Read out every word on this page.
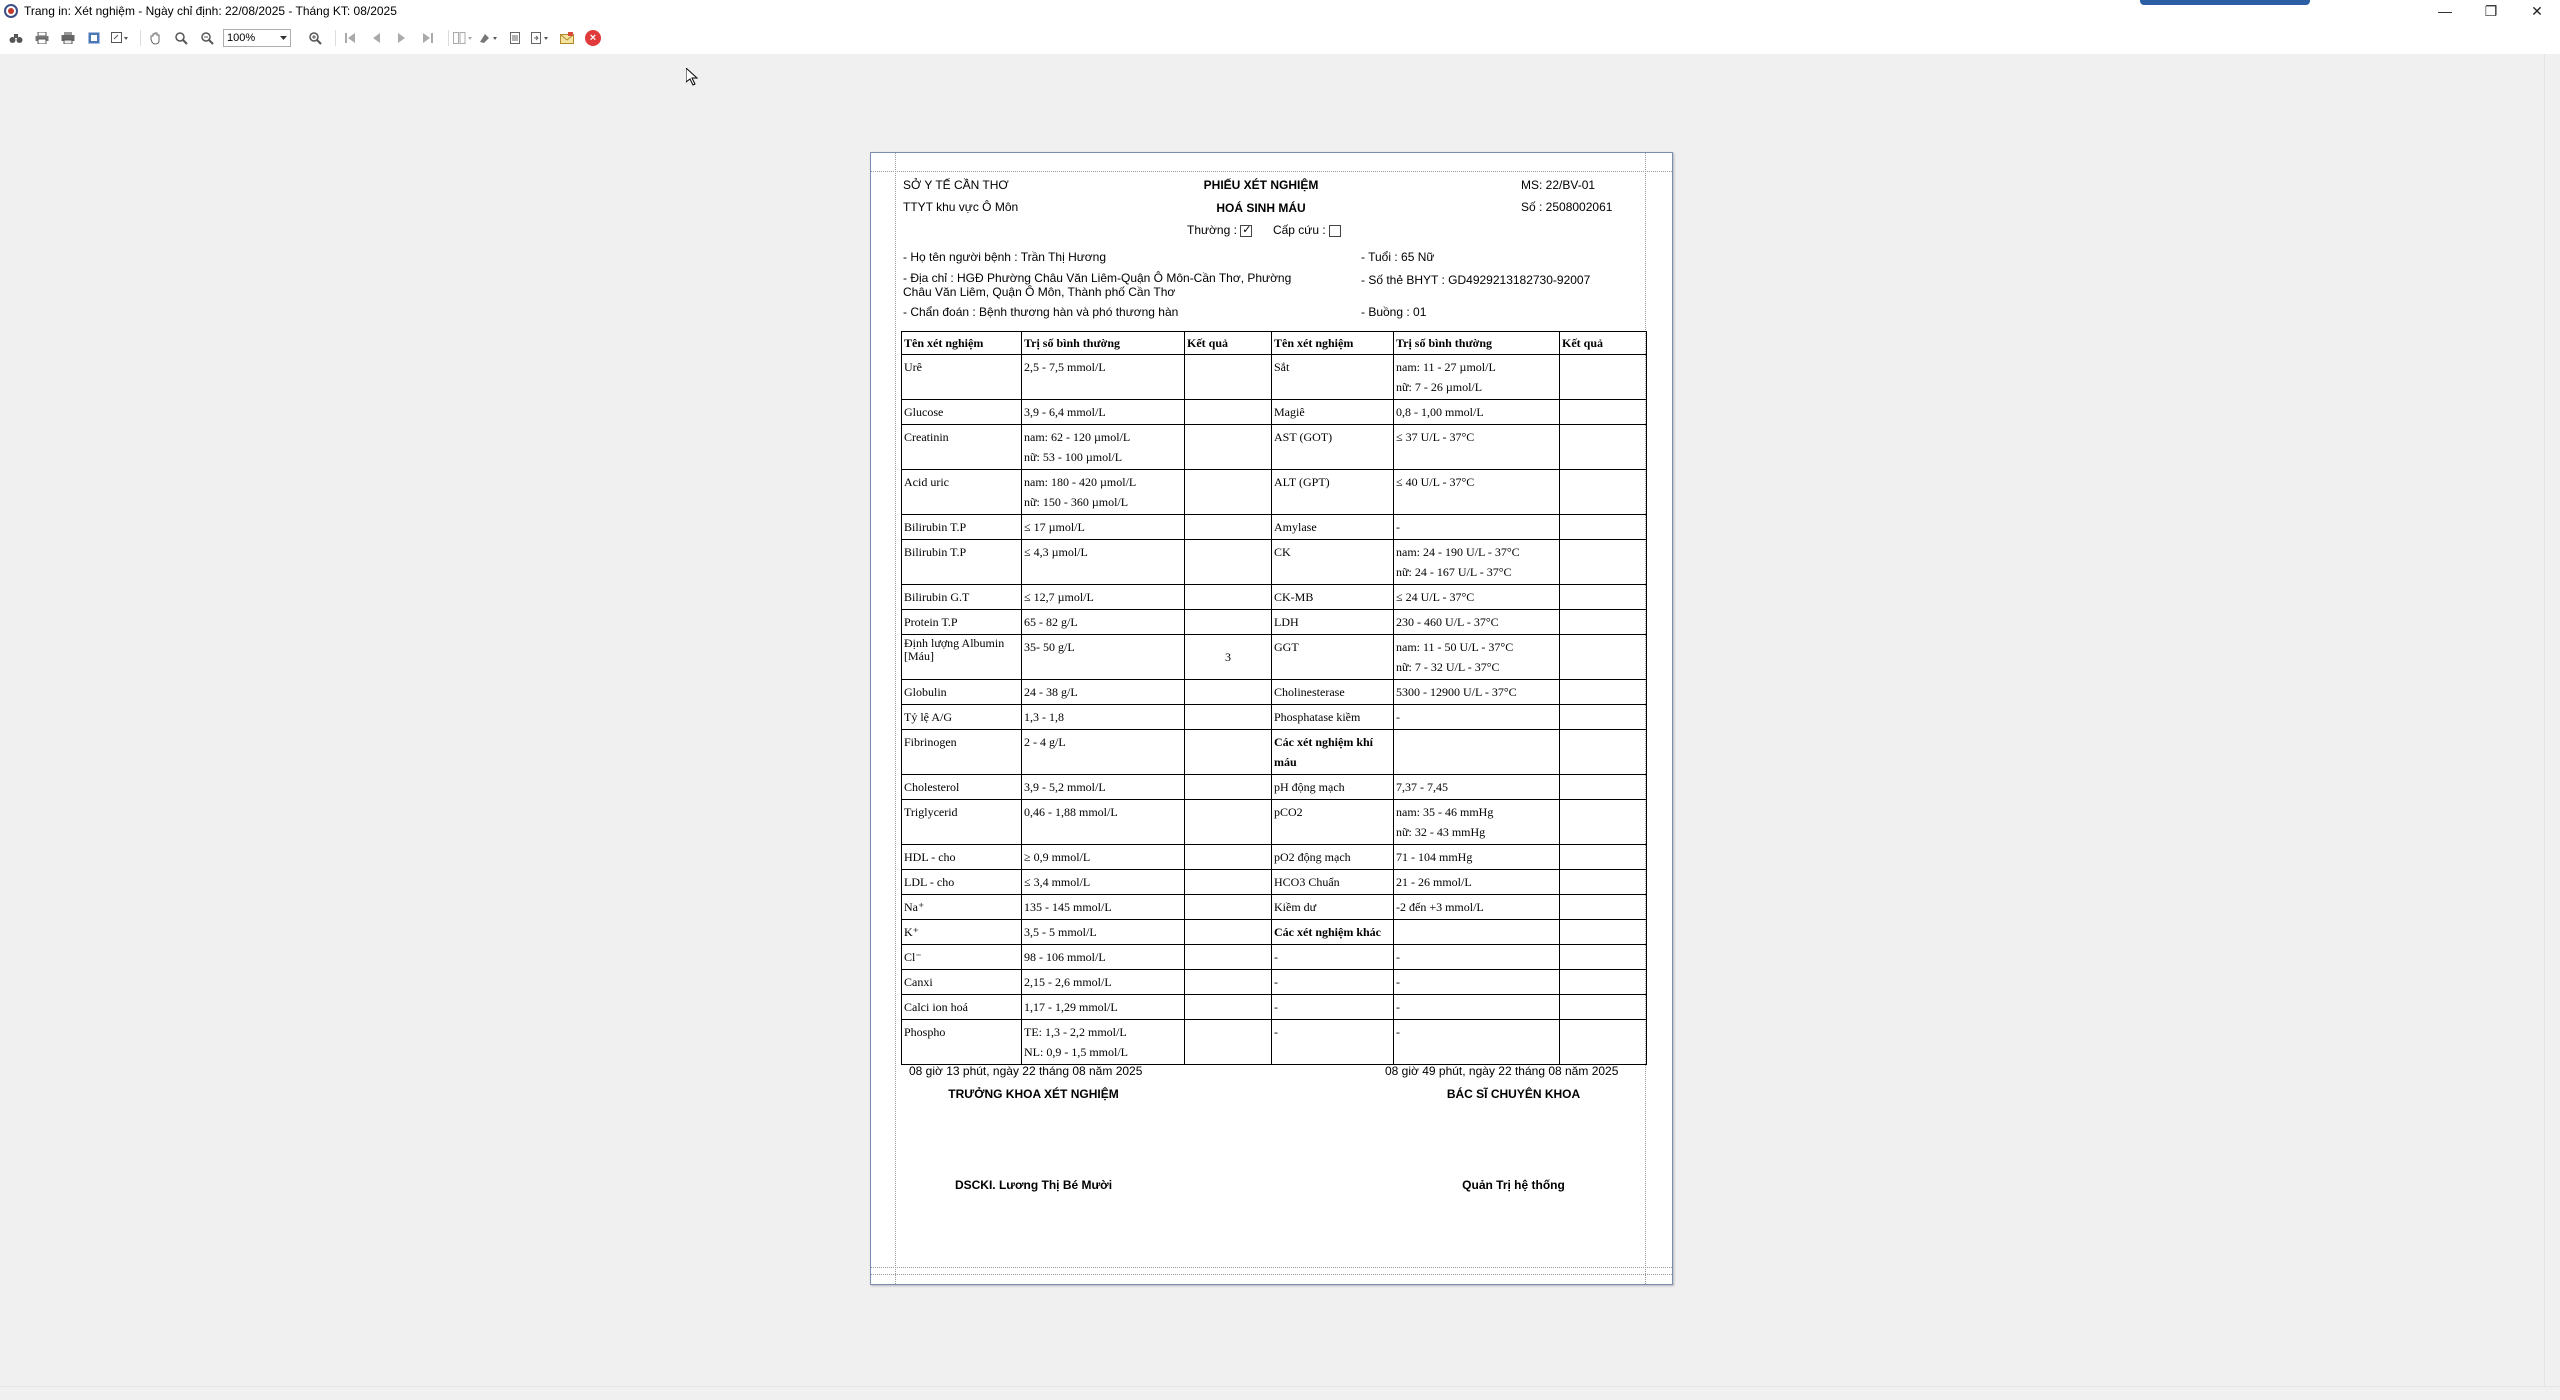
Trang in: Xét nghiệm - Ngày chỉ định: 22/08/2025 - Tháng KT: 08/2025	—	❐	✕
100%	×
SỞ Y TẾ CẦN THƠ
TTYT khu vực Ô Môn
PHIẾU XÉT NGHIỆM
HOÁ SINH MÁU
MS: 22/BV-01
Số : 2508002061
Thường : ✓	Cấp cứu :
- Họ tên người bệnh : Trần Thị Hương	- Tuổi : 65 Nữ
- Địa chỉ : HGĐ Phường Châu Văn Liêm-Quận Ô Môn-Cần Thơ, Phường
Châu Văn Liêm, Quận Ô Môn, Thành phố Cần Thơ
- Số thẻ BHYT : GD4929213182730-92007
- Chẩn đoán : Bệnh thương hàn và phó thương hàn	- Buồng : 01
Tên xét nghiệm	Trị số bình thường	Kết quả	Tên xét nghiệm	Trị số bình thường	Kết quả

Urê	2,5 - 7,5 mmol/L		Sắt	nam: 11 - 27 µmol/L
nữ: 7 - 26 µmol/L	

Glucose	3,9 - 6,4 mmol/L		Magiê	0,8 - 1,00 mmol/L	

Creatinin	nam: 62 - 120 µmol/L
nữ: 53 - 100 µmol/L		AST (GOT)	≤ 37 U/L - 37°C	

Acid uric	nam: 180 - 420 µmol/L
nữ: 150 - 360 µmol/L		ALT (GPT)	≤ 40 U/L - 37°C	

Bilirubin T.P	≤ 17 µmol/L		Amylase	-	

Bilirubin T.P	≤ 4,3 µmol/L		CK	nam: 24 - 190 U/L - 37°C
nữ: 24 - 167 U/L - 37°C	

Bilirubin G.T	≤ 12,7 µmol/L		CK-MB	≤ 24 U/L - 37°C	

Protein T.P	65 - 82 g/L		LDH	230 - 460 U/L - 37°C	

Định lượng Albumin [Máu]	35- 50 g/L	3	GGT	nam: 11 - 50 U/L - 37°C
nữ: 7 - 32 U/L - 37°C	

Globulin	24 - 38 g/L		Cholinesterase	5300 - 12900 U/L - 37°C	

Tỷ lệ A/G	1,3 - 1,8		Phosphatase kiềm	-	

Fibrinogen	2 - 4 g/L		Các xét nghiệm khí máu		

Cholesterol	3,9 - 5,2 mmol/L		pH động mạch	7,37 - 7,45	

Triglycerid	0,46 - 1,88 mmol/L		pCO2	nam: 35 - 46 mmHg
nữ: 32 - 43 mmHg	

HDL - cho	≥ 0,9 mmol/L		pO2 động mạch	71 - 104 mmHg	

LDL - cho	≤ 3,4 mmol/L		HCO3 Chuẩn	21 - 26 mmol/L	

Na⁺	135 - 145 mmol/L		Kiềm dư	-2 đến +3 mmol/L	

K⁺	3,5 - 5 mmol/L		Các xét nghiệm khác		

Cl⁻	98 - 106 mmol/L		-	-	

Canxi	2,15 - 2,6 mmol/L		-	-	

Calci ion hoá	1,17 - 1,29 mmol/L		-	-	

Phospho	TE: 1,3 - 2,2 mmol/L
NL: 0,9 - 1,5 mmol/L		-	-	

08 giờ 13 phút, ngày 22 tháng 08 năm 2025	08 giờ 49 phút, ngày 22 tháng 08 năm 2025
TRƯỞNG KHOA XÉT NGHIỆM	BÁC SĨ CHUYÊN KHOA
DSCKI. Lương Thị Bé Mười	Quản Trị hệ thống
